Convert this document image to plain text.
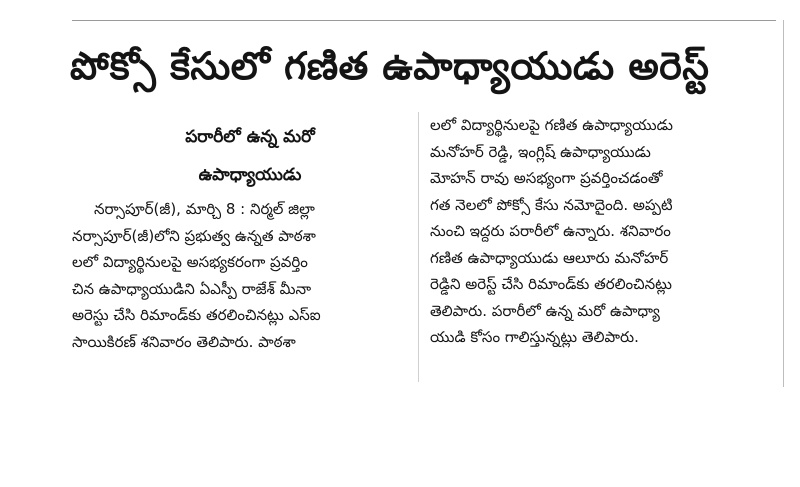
పోక్సో కేసులో గణిత ఉపాధ్యాయుడు అరెస్ట్
పరారీలో ఉన్న మరో
ఉపాధ్యాయుడు
నర్సాపూర్(జీ), మార్చి 8 : నిర్మల్ జిల్లా
నర్సాపూర్(జీ)లోని ప్రభుత్వ ఉన్నత పాఠశా
లలో విద్యార్థినులపై అసభ్యకరంగా ప్రవర్తిం
చిన ఉపాధ్యాయుడిని ఏఎస్పీ రాజేశ్ మీనా
అరెస్టు చేసి రిమాండ్‌కు తరలించినట్లు ఎస్ఐ
సాయికిరణ్ శనివారం తెలిపారు. పాఠశా
లలో విద్యార్థినులపై గణిత ఉపాధ్యాయుడు
మనోహర్ రెడ్డి, ఇంగ్లిష్ ఉపాధ్యాయుడు
మోహన్ రావు అసభ్యంగా ప్రవర్తించడంతో
గత నెలలో పోక్సో కేసు నమోదైంది. అప్పటి
నుంచి ఇద్దరు పరారీలో ఉన్నారు. శనివారం
గణిత ఉపాధ్యాయుడు ఆలూరు మనోహర్
రెడ్డిని అరెస్ట్ చేసి రిమాండ్‌కు తరలించినట్లు
తెలిపారు. పరారీలో ఉన్న మరో ఉపాధ్యా
యుడి కోసం గాలిస్తున్నట్లు తెలిపారు.
